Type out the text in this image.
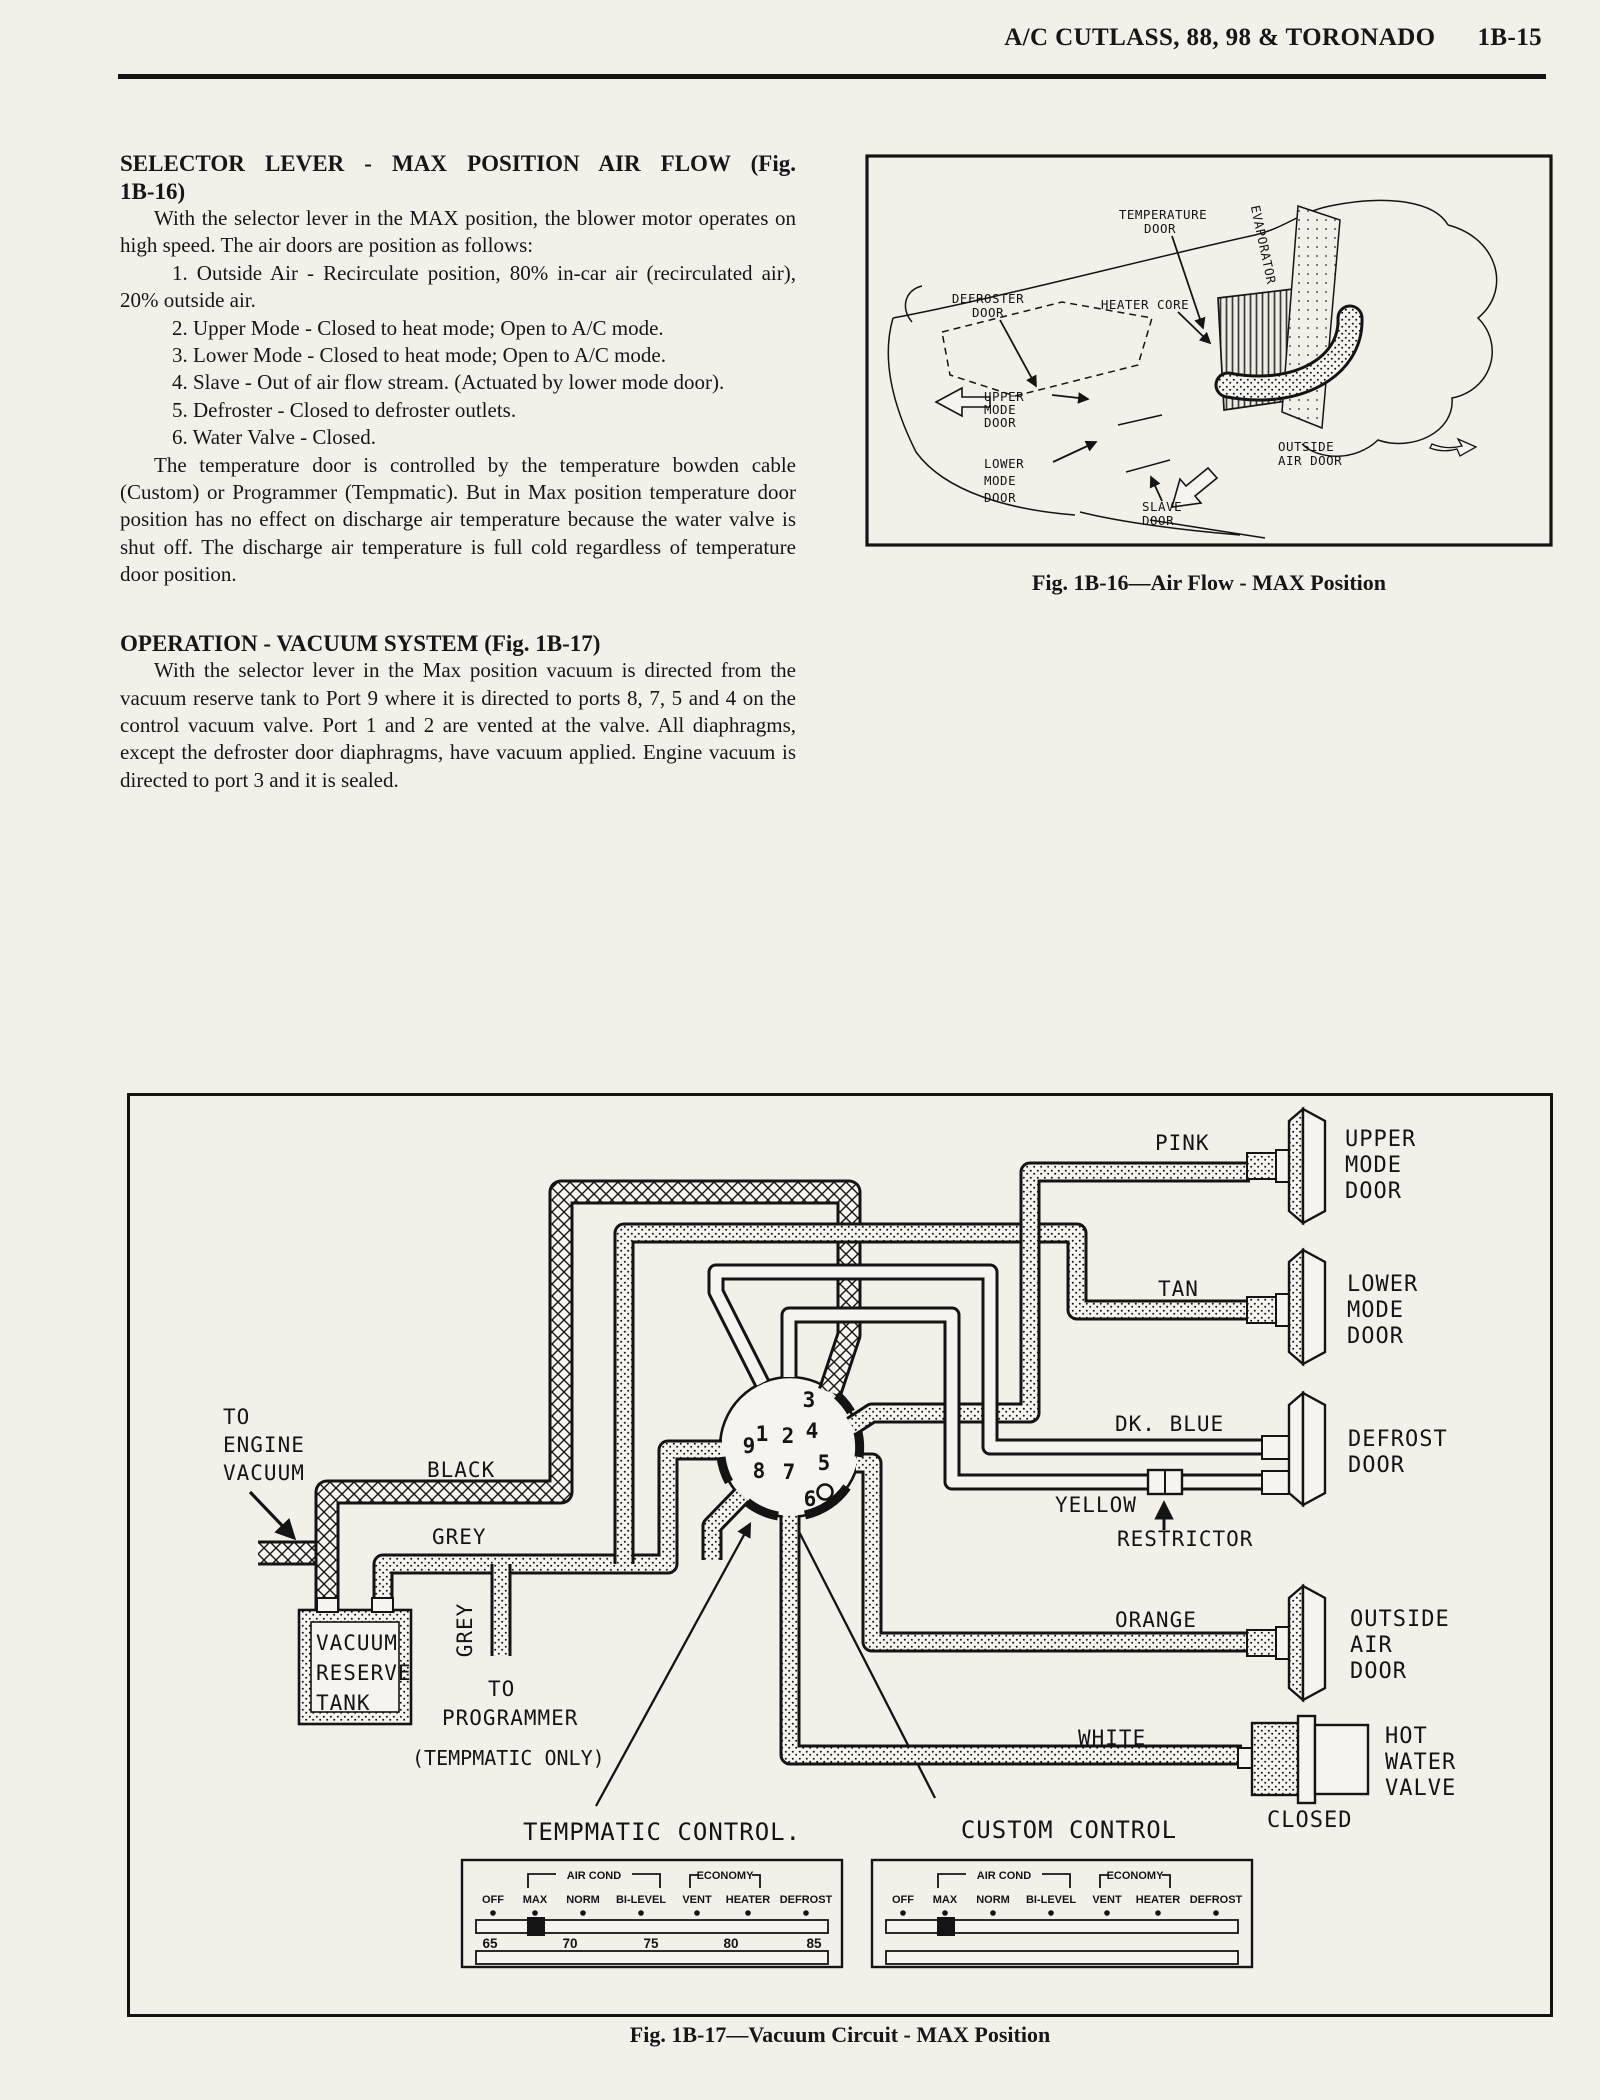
A/C CUTLASS, 88, 98 & TORONADO 1B-15
SELECTOR LEVER - MAX POSITION AIR FLOW (Fig.
1B-16)

With the selector lever in the MAX position, the blower motor operates on high speed. The air doors are position as follows:

1. Outside Air - Recirculate position, 80% in-car air (recirculated air), 20% outside air.

2. Upper Mode - Closed to heat mode; Open to A/C mode.

3. Lower Mode - Closed to heat mode; Open to A/C mode.

4. Slave - Out of air flow stream. (Actuated by lower mode door).

5. Defroster - Closed to defroster outlets.

6. Water Valve - Closed.

The temperature door is controlled by the temperature bowden cable (Custom) or Programmer (Tempmatic). But in Max position temperature door position has no effect on discharge air temperature because the water valve is shut off. The discharge air temperature is full cold regardless of temperature door position.

OPERATION - VACUUM SYSTEM (Fig. 1B-17)

With the selector lever in the Max position vacuum is directed from the vacuum reserve tank to Port 9 where it is directed to ports 8, 7, 5 and 4 on the control vacuum valve. Port 1 and 2 are vented at the valve. All diaphragms, except the defroster door diaphragms, have vacuum applied. Engine vacuum is directed to port 3 and it is sealed.

TEMPERATURE
DOOR	EVAPORATOR
DEFROSTER
DOOR
HEATER CORE
UPPER
MODE
DOOR
OUTSIDE
AIR DOOR
LOWER
MODE
DOOR
SLAVE
DOOR
1 2
3
4
5
6
7
8
9
VACUUM
RESERVE
TANK
UPPER
MODE
DOOR
LOWER
MODE
DOOR
DEFROST
DOOR
OUTSIDE
AIR
DOOR
HOT
WATER
VALVE
CLOSED
RESTRICTOR
PINK
TAN
DK. BLUE
YELLOW
ORANGE
WHITE
BLACK
GREY
GREY
TO
ENGINE
VACUUM
TO
PROGRAMMER
(TEMPMATIC ONLY)
TEMPMATIC CONTROL.	CUSTOM CONTROL
AIR COND	ECONOMY
OFF MAX NORM BI-LEVEL VENT HEATER DEFROST
65	70	75	80	85
AIR COND	ECONOMY
OFF MAX NORM BI-LEVEL VENT HEATER DEFROST
Fig. 1B-16—Air Flow - MAX Position
Fig. 1B-17—Vacuum Circuit - MAX Position
